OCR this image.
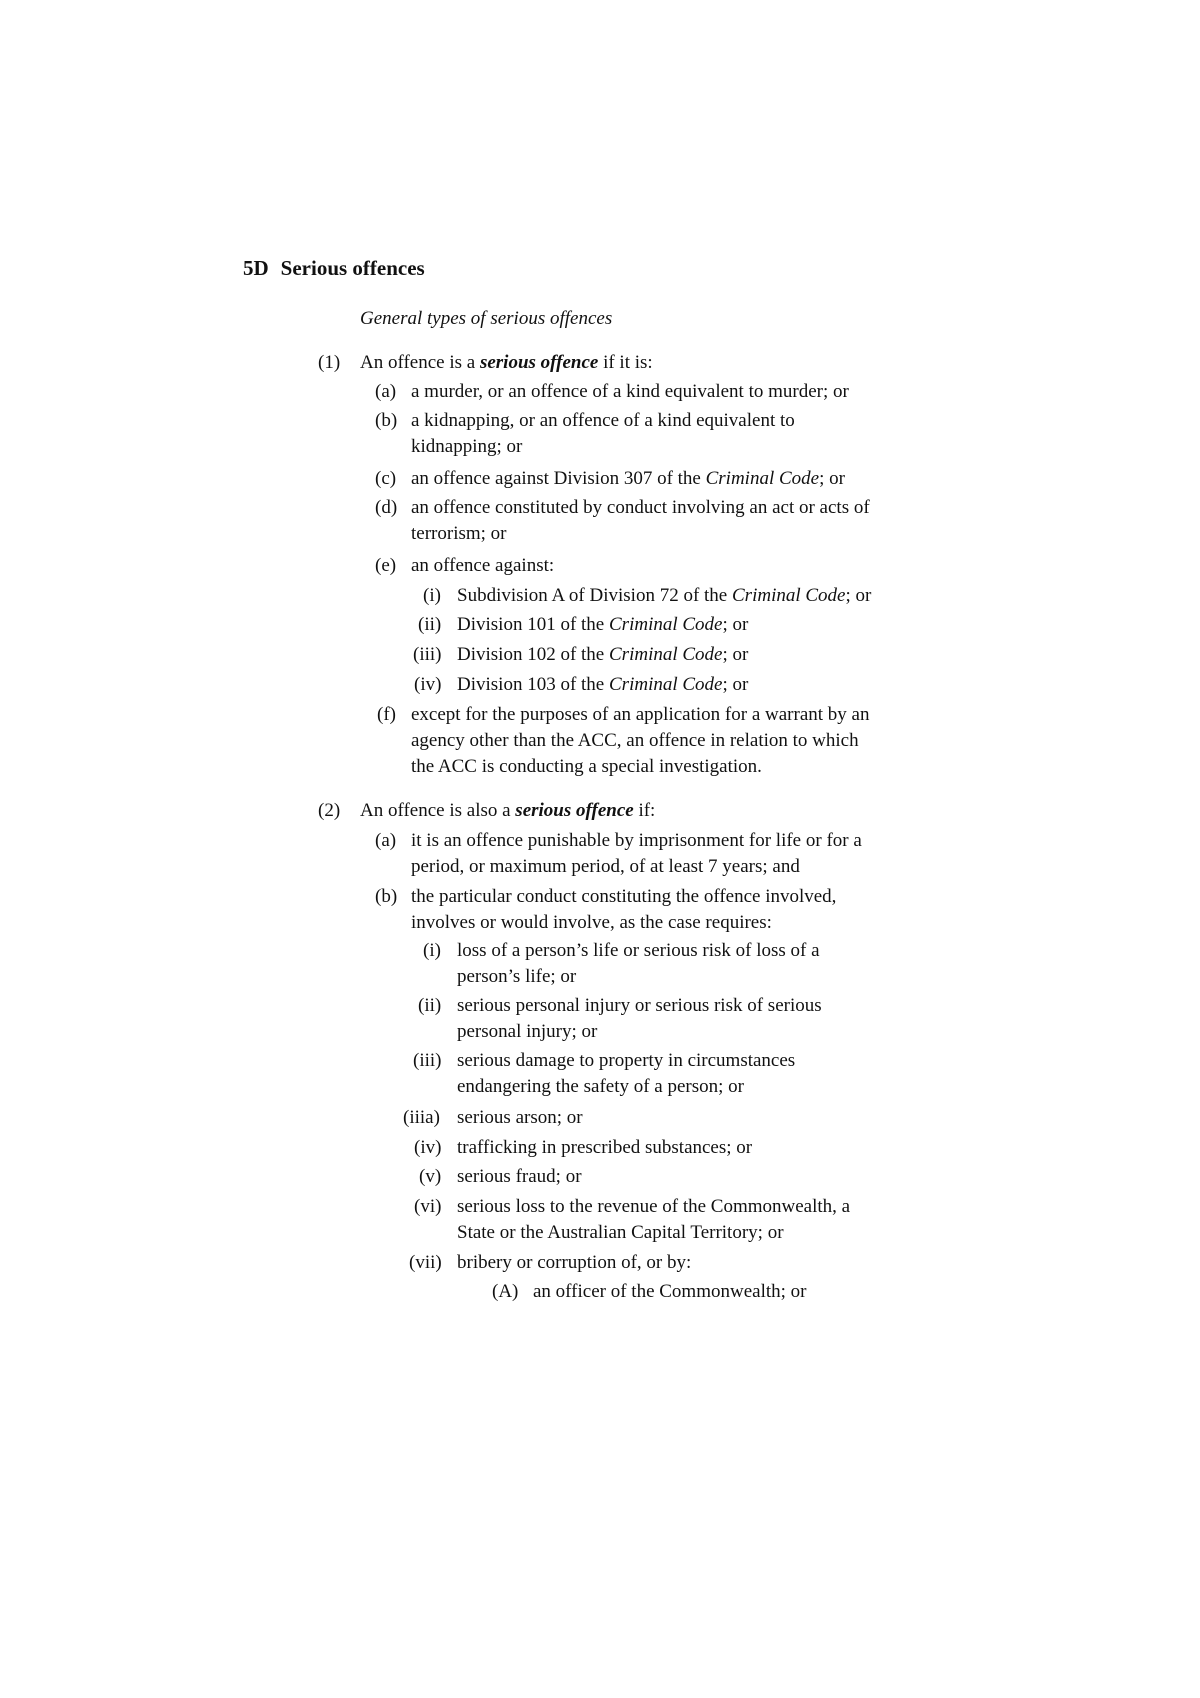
5D Serious offences
General types of serious offences
(1) An offence is a serious offence if it is:
(a) a murder, or an offence of a kind equivalent to murder; or
(b) a kidnapping, or an offence of a kind equivalent to
kidnapping; or
(c) an offence against Division 307 of the Criminal Code; or
(d) an offence constituted by conduct involving an act or acts of
terrorism; or
(e) an offence against:
(i) Subdivision A of Division 72 of the Criminal Code; or
(ii) Division 101 of the Criminal Code; or
(iii) Division 102 of the Criminal Code; or
(iv) Division 103 of the Criminal Code; or
(f) except for the purposes of an application for a warrant by an
agency other than the ACC, an offence in relation to which
the ACC is conducting a special investigation.
(2) An offence is also a serious offence if:
(a) it is an offence punishable by imprisonment for life or for a
period, or maximum period, of at least 7 years; and
(b) the particular conduct constituting the offence involved,
involves or would involve, as the case requires:
(i) loss of a person’s life or serious risk of loss of a
person’s life; or
(ii) serious personal injury or serious risk of serious
personal injury; or
(iii) serious damage to property in circumstances
endangering the safety of a person; or
(iiia) serious arson; or
(iv) trafficking in prescribed substances; or
(v) serious fraud; or
(vi) serious loss to the revenue of the Commonwealth, a
State or the Australian Capital Territory; or
(vii) bribery or corruption of, or by:
(A) an officer of the Commonwealth; or
